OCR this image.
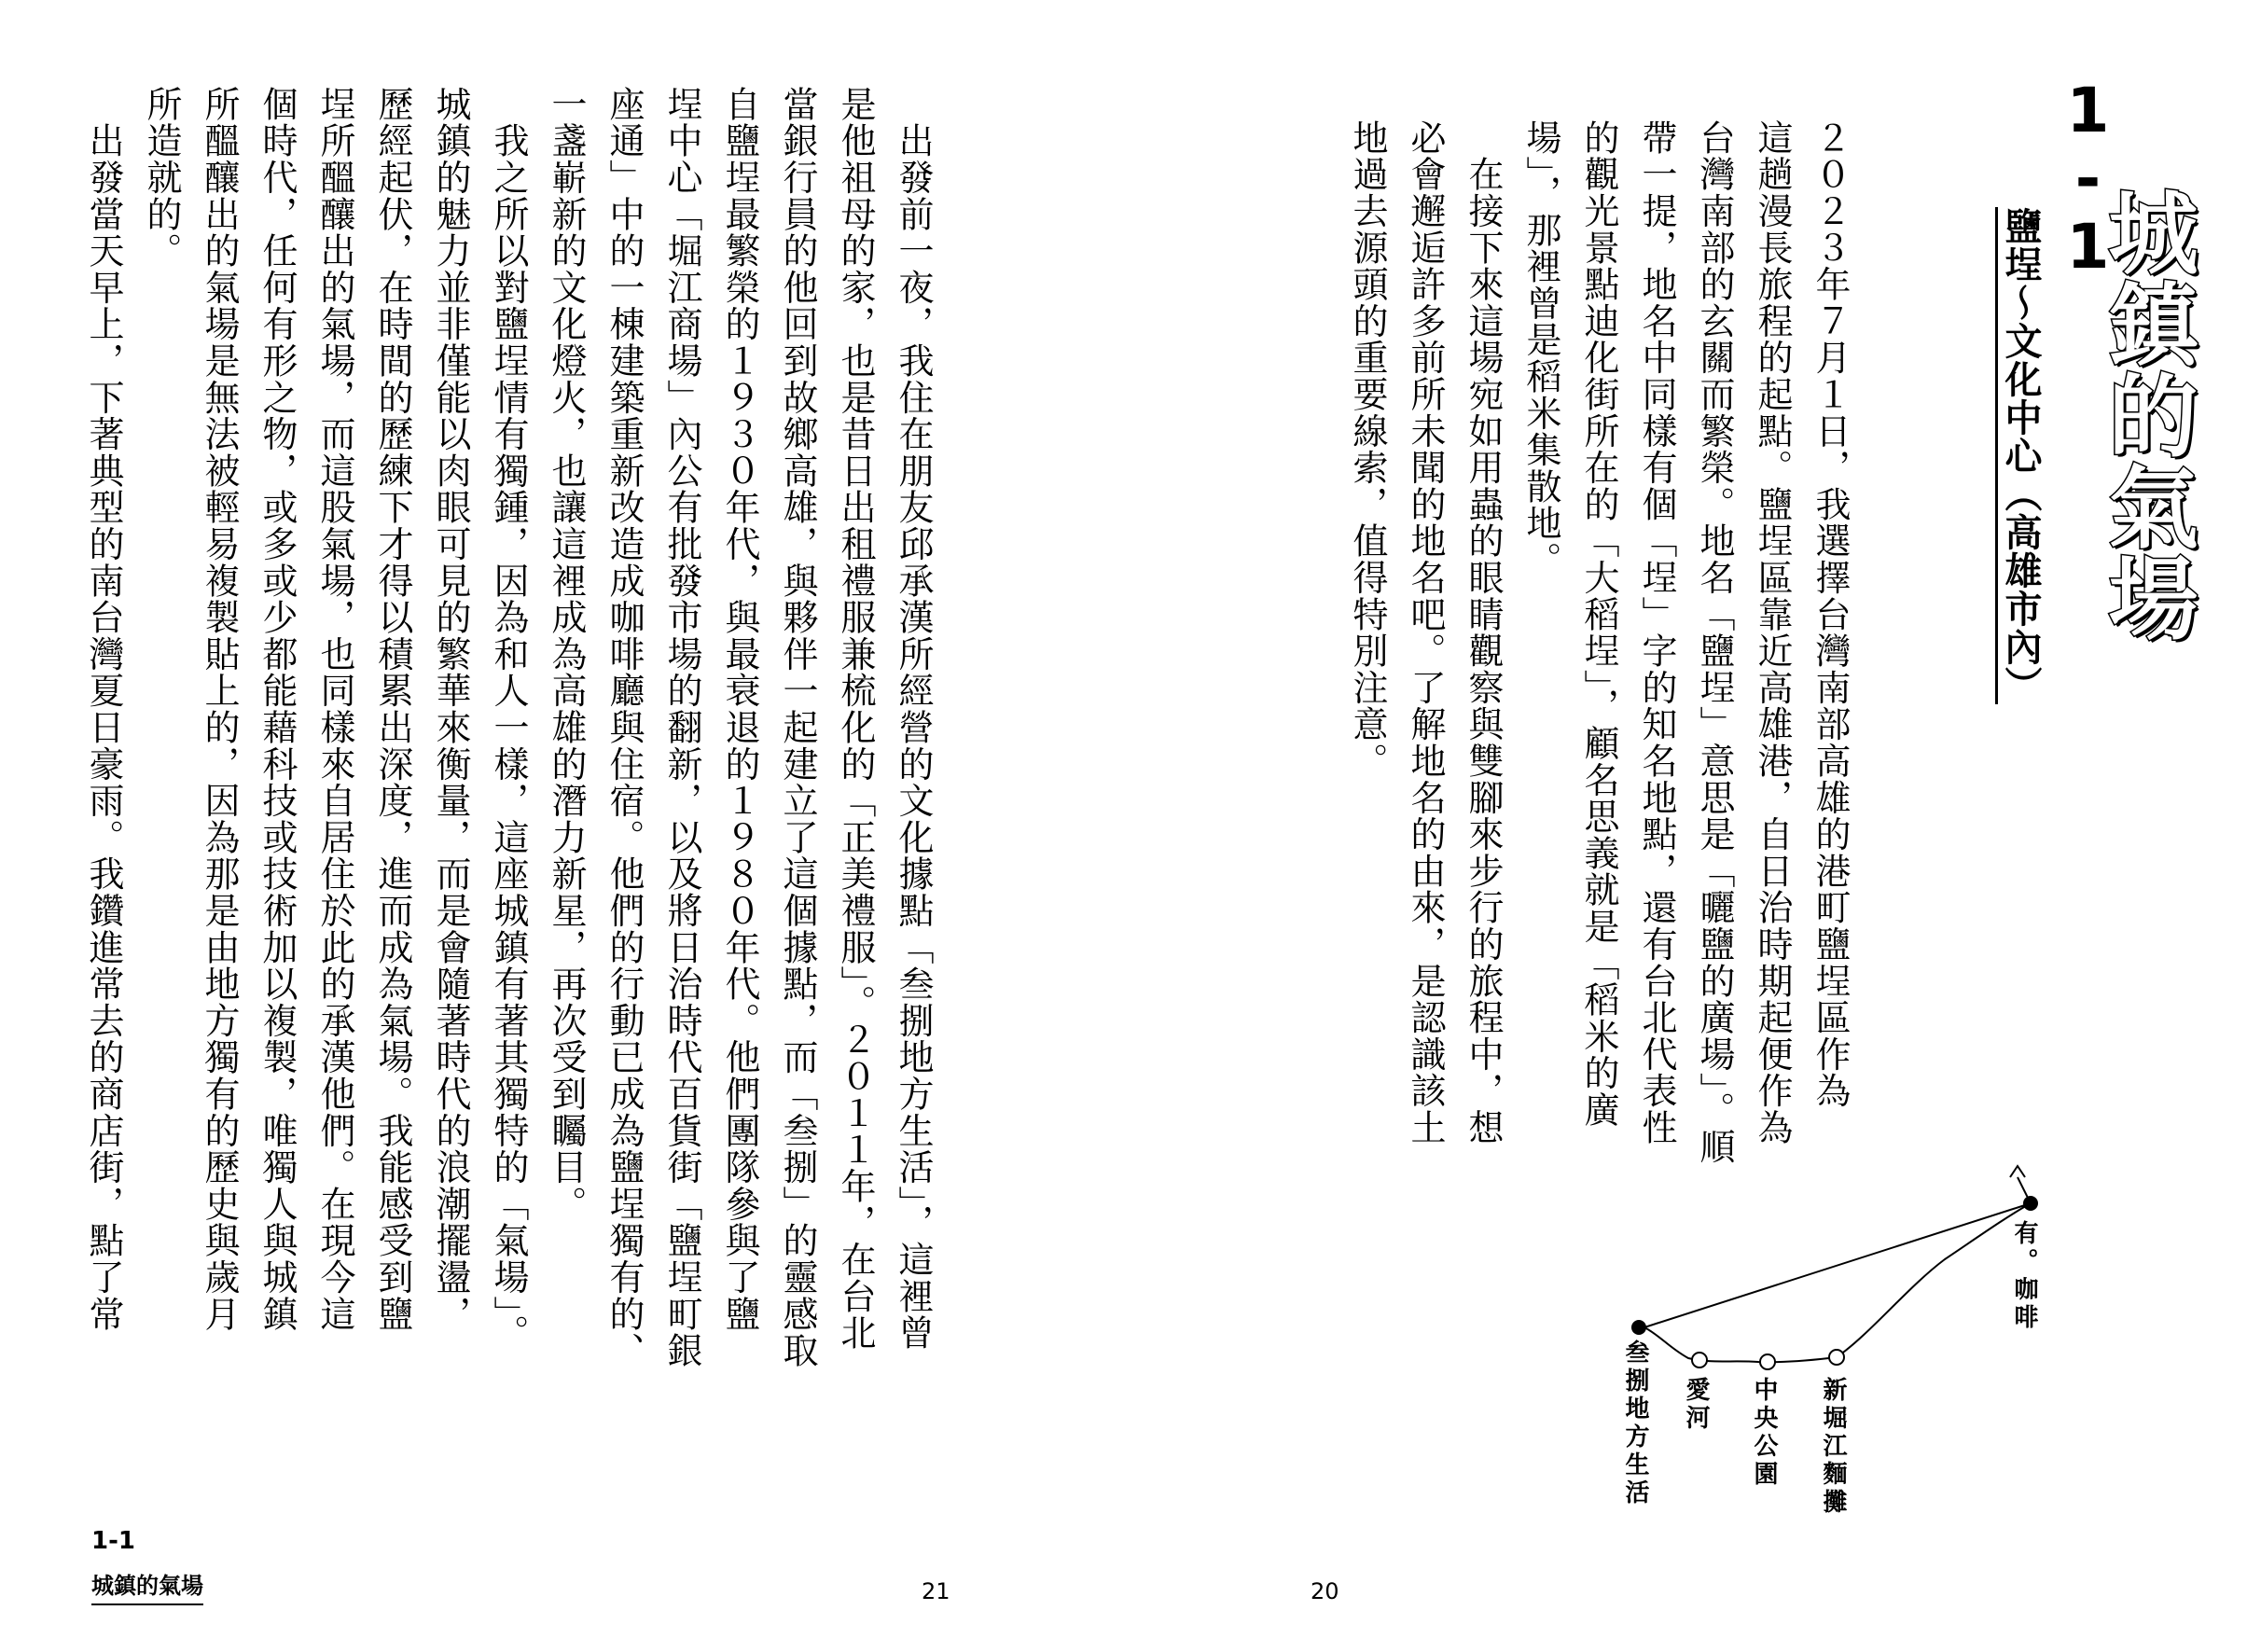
　出發前一夜，我住在朋友邱承漢所經營的文化據點「叁捌地方生活」，這裡曾
是他祖母的家，也是昔日出租禮服兼梳化的「正美禮服」。２０１１年，在台北
當銀行員的他回到故鄉高雄，與夥伴一起建立了這個據點，而「叁捌」的靈感取
自鹽埕最繁榮的１９３０年代，與最衰退的１９８０年代。他們團隊參與了鹽
埕中心「堀江商場」內公有批發市場的翻新，以及將日治時代百貨街「鹽埕町銀
座通」中的一棟建築重新改造成咖啡廳與住宿。他們的行動已成為鹽埕獨有的、
一盞嶄新的文化燈火，也讓這裡成為高雄的潛力新星，再次受到矚目。
　我之所以對鹽埕情有獨鍾，因為和人一樣，這座城鎮有著其獨特的「氣場」。
城鎮的魅力並非僅能以肉眼可見的繁華來衡量，而是會隨著時代的浪潮擺盪，
歷經起伏，在時間的歷練下才得以積累出深度，進而成為氣場。我能感受到鹽
埕所醞釀出的氣場，而這股氣場，也同樣來自居住於此的承漢他們。在現今這
個時代，任何有形之物，或多或少都能藉科技或技術加以複製，唯獨人與城鎮
所醞釀出的氣場是無法被輕易複製貼上的，因為那是由地方獨有的歷史與歲月
所造就的。
　出發當天早上，下著典型的南台灣夏日豪雨。我鑽進常去的商店街，點了常
1-1
城鎮的氣場	21
1-1
城鎮的氣場
鹽埕～文化中心（高雄市內）
２０２３年７月１日，我選擇台灣南部高雄的港町鹽埕區作為
這趟漫長旅程的起點。鹽埕區靠近高雄港，自日治時期起便作為
台灣南部的玄關而繁榮。地名「鹽埕」意思是「曬鹽的廣場」。順
帶一提，地名中同樣有個「埕」字的知名地點，還有台北代表性
的觀光景點迪化街所在的「大稻埕」，顧名思義就是「稻米的廣
場」，那裡曾是稻米集散地。
　在接下來這場宛如用蟲的眼睛觀察與雙腳來步行的旅程中，想
必會邂逅許多前所未聞的地名吧。了解地名的由來，是認識該土
地過去源頭的重要線索，值得特別注意。
有。咖啡
新堀江麵攤
中央公園
愛河
叁捌地方生活
20
